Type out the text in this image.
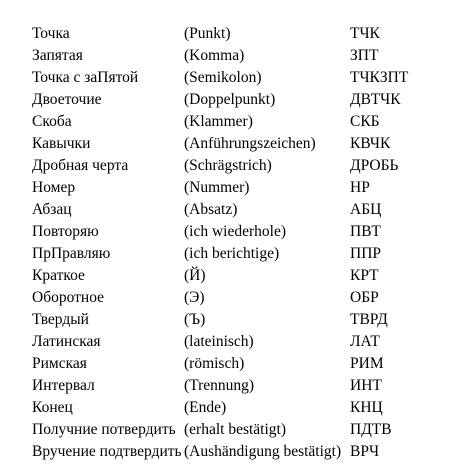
Точка	(Punkt)	ТЧК
Запятая	(Komma)	ЗПТ
Точка с заПятой	(Semikolon)	ТЧКЗПТ
Двоеточие	(Doppelpunkt)	ДВТЧК
Скоба	(Klammer)	СКБ
Кавычки	(Anführungszeichen) КВЧК
Дробная черта	(Schrägstrich)	ДРОБЬ
Номер	(Nummer)	НР
Абзац	(Absatz)	АБЦ
Повторяю	(ich wiederhole)	ПВТ
ПрПравляю	(ich berichtige)	ППР
Краткое	(Й)	КРТ
Оборотное	(Э)	ОБР
Твердый	(Ъ)	ТВРД
Латинская	(lateinisch)	ЛАТ
Римская	(römisch)	РИМ
Интервал	(Trennung)	ИНТ
Конец	(Ende)	КНЦ
Получние потвердить (erhalt bestätigt)	ПДТВ
Вручение подтвердить (Aushändigung bestätigt) ВРЧ
